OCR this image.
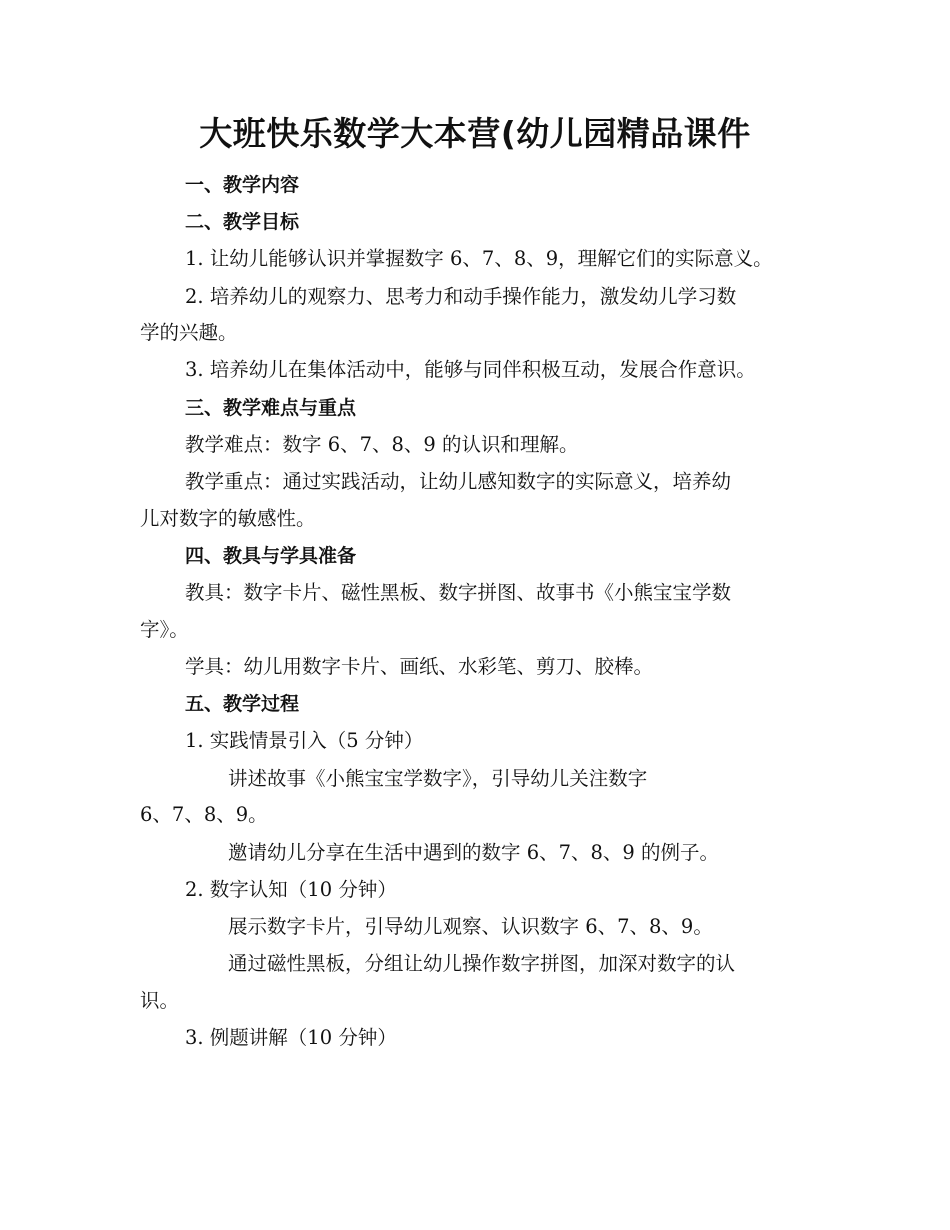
大班快乐数学大本营(幼儿园精品课件
一、教学内容
二、教学目标
1. 让幼儿能够认识并掌握数字 6、7、8、9，理解它们的实际意义。
2. 培养幼儿的观察力、思考力和动手操作能力，激发幼儿学习数
学的兴趣。
3. 培养幼儿在集体活动中，能够与同伴积极互动，发展合作意识。
三、教学难点与重点
教学难点：数字 6、7、8、9 的认识和理解。
教学重点：通过实践活动，让幼儿感知数字的实际意义，培养幼
儿对数字的敏感性。
四、教具与学具准备
教具：数字卡片、磁性黑板、数字拼图、故事书《小熊宝宝学数
字》。
学具：幼儿用数字卡片、画纸、水彩笔、剪刀、胶棒。
五、教学过程
1. 实践情景引入（5 分钟）
讲述故事《小熊宝宝学数字》，引导幼儿关注数字
6、7、8、9。
邀请幼儿分享在生活中遇到的数字 6、7、8、9 的例子。
2. 数字认知（10 分钟）
展示数字卡片，引导幼儿观察、认识数字 6、7、8、9。
通过磁性黑板，分组让幼儿操作数字拼图，加深对数字的认
识。
3. 例题讲解（10 分钟）
